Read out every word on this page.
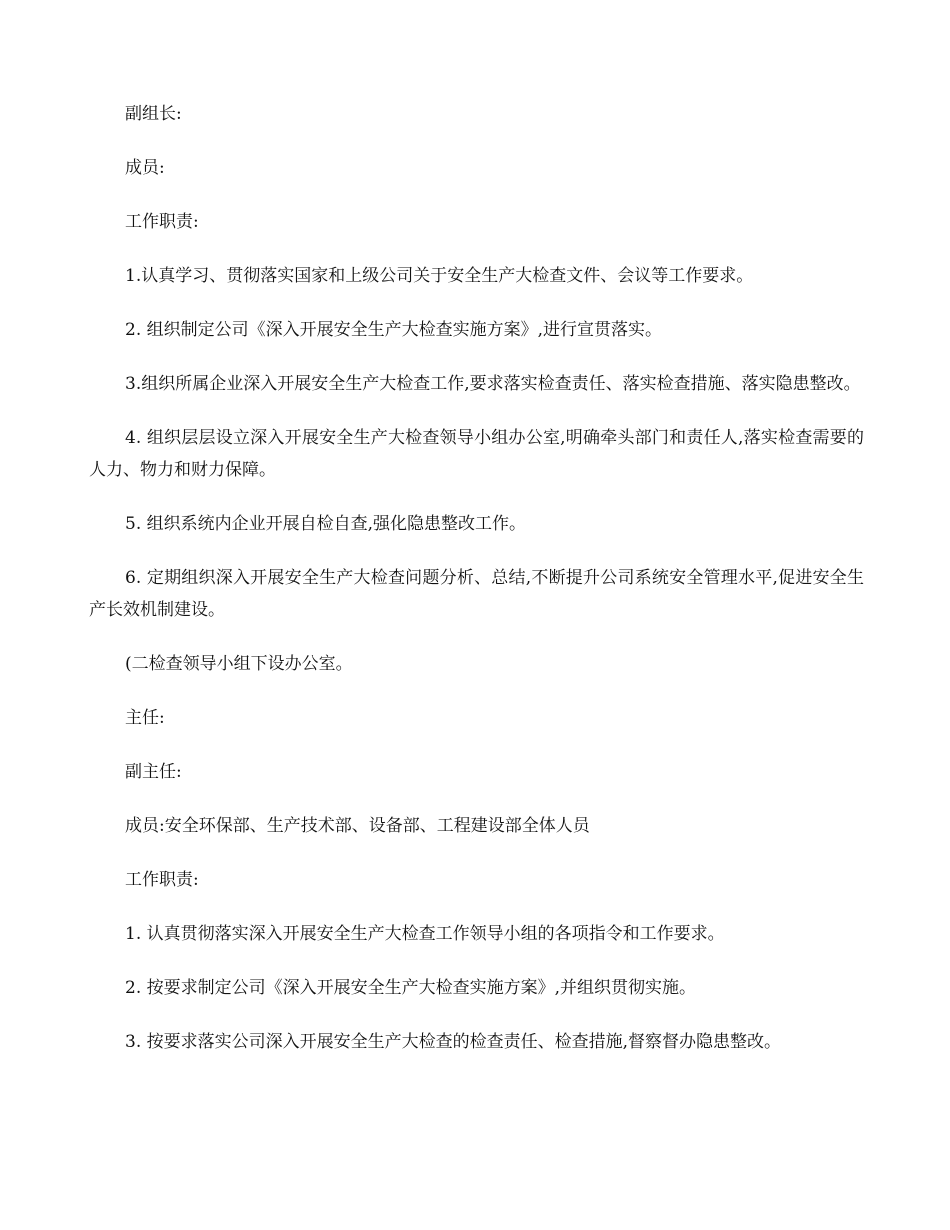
副组长:

成员:

工作职责:

1.认真学习、贯彻落实国家和上级公司关于安全生产大检查文件、会议等工作要求。

2. 组织制定公司《深入开展安全生产大检查实施方案》,进行宣贯落实。

3.组织所属企业深入开展安全生产大检查工作,要求落实检查责任、落实检查措施、落实隐患整改。

4. 组织层层设立深入开展安全生产大检查领导小组办公室,明确牵头部门和责任人,落实检查需要的人力、物力和财力保障。

5. 组织系统内企业开展自检自查,强化隐患整改工作。

6. 定期组织深入开展安全生产大检查问题分析、总结,不断提升公司系统安全管理水平,促进安全生产长效机制建设。

(二检查领导小组下设办公室。

主任:

副主任:

成员:安全环保部、生产技术部、设备部、工程建设部全体人员

工作职责:

1. 认真贯彻落实深入开展安全生产大检查工作领导小组的各项指令和工作要求。

2. 按要求制定公司《深入开展安全生产大检查实施方案》,并组织贯彻实施。

3. 按要求落实公司深入开展安全生产大检查的检查责任、检查措施,督察督办隐患整改。
